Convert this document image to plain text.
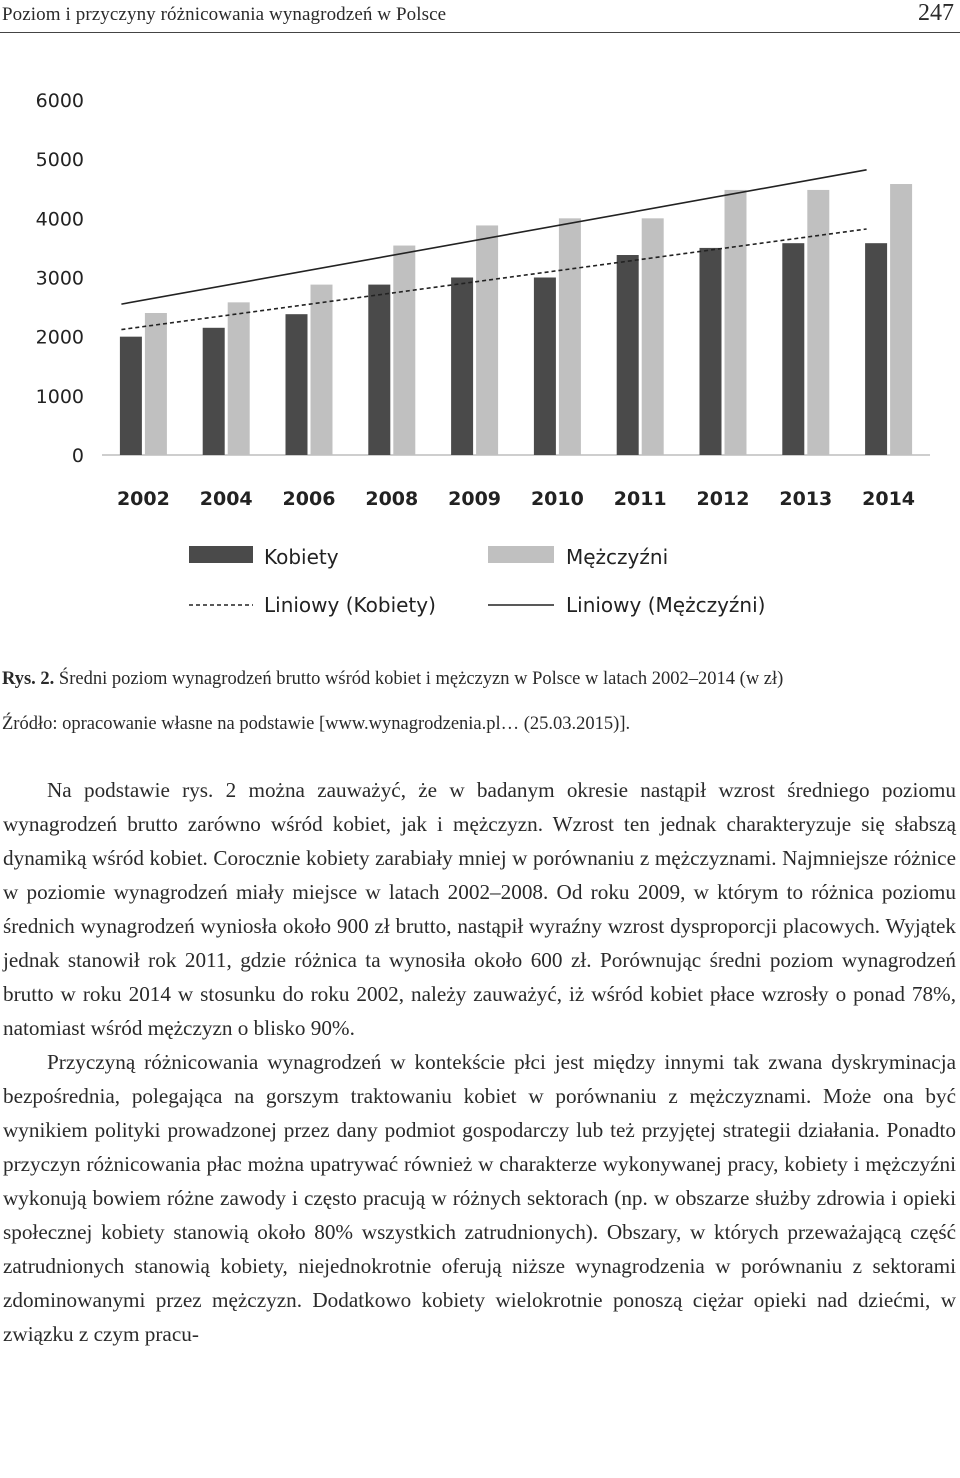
Poziom i przyczyny różnicowania wynagrodzeń w Polsce	247
0
1000
2000
3000
4000
5000
6000
2002 2004 2006 2008 2009 2010 2011 2012 2013 2014
Kobiety	Mężczyźni
Liniowy (Kobiety)	Liniowy (Mężczyźni)
Rys. 2. Średni poziom wynagrodzeń brutto wśród kobiet i mężczyzn w Polsce w latach 2002–2014 (w zł)
Źródło: opracowanie własne na podstawie [www.wynagrodzenia.pl… (25.03.2015)].

Na podstawie rys. 2 można zauważyć, że w badanym okresie nastąpił wzrost średniego poziomu wynagrodzeń brutto zarówno wśród kobiet, jak i mężczyzn. Wzrost ten jednak charakteryzuje się słabszą dynamiką wśród kobiet. Corocznie kobiety zarabiały mniej w porównaniu z mężczyznami. Najmniejsze różnice w poziomie wynagrodzeń miały miejsce w latach 2002–2008. Od roku 2009, w którym to różnica poziomu średnich wynagrodzeń wyniosła około 900 zł brutto, nastąpił wyraźny wzrost dysproporcji placowych. Wyjątek jednak stanowił rok 2011, gdzie różnica ta wynosiła około 600 zł. Porównując średni poziom wynagrodzeń brutto w roku 2014 w stosunku do roku 2002, należy zauważyć, iż wśród kobiet płace wzrosły o ponad 78%, natomiast wśród mężczyzn o blisko 90%.

Przyczyną różnicowania wynagrodzeń w kontekście płci jest między innymi tak zwana dyskryminacja bezpośrednia, polegająca na gorszym traktowaniu kobiet w porównaniu z mężczyznami. Może ona być wynikiem polityki prowadzonej przez dany podmiot gospodarczy lub też przyjętej strategii działania. Ponadto przyczyn różnicowania płac można upatrywać również w charakterze wykonywanej pracy, kobiety i mężczyźni wykonują bowiem różne zawody i często pracują w różnych sektorach (np. w obszarze służby zdrowia i opieki społecznej kobiety stanowią około 80% wszystkich zatrudnionych). Obszary, w których przeważającą część zatrudnionych stanowią kobiety, niejednokrotnie oferują niższe wynagrodzenia w porównaniu z sektorami zdominowanymi przez mężczyzn. Dodatkowo kobiety wielokrotnie ponoszą ciężar opieki nad dziećmi, w związku z czym pracu-
